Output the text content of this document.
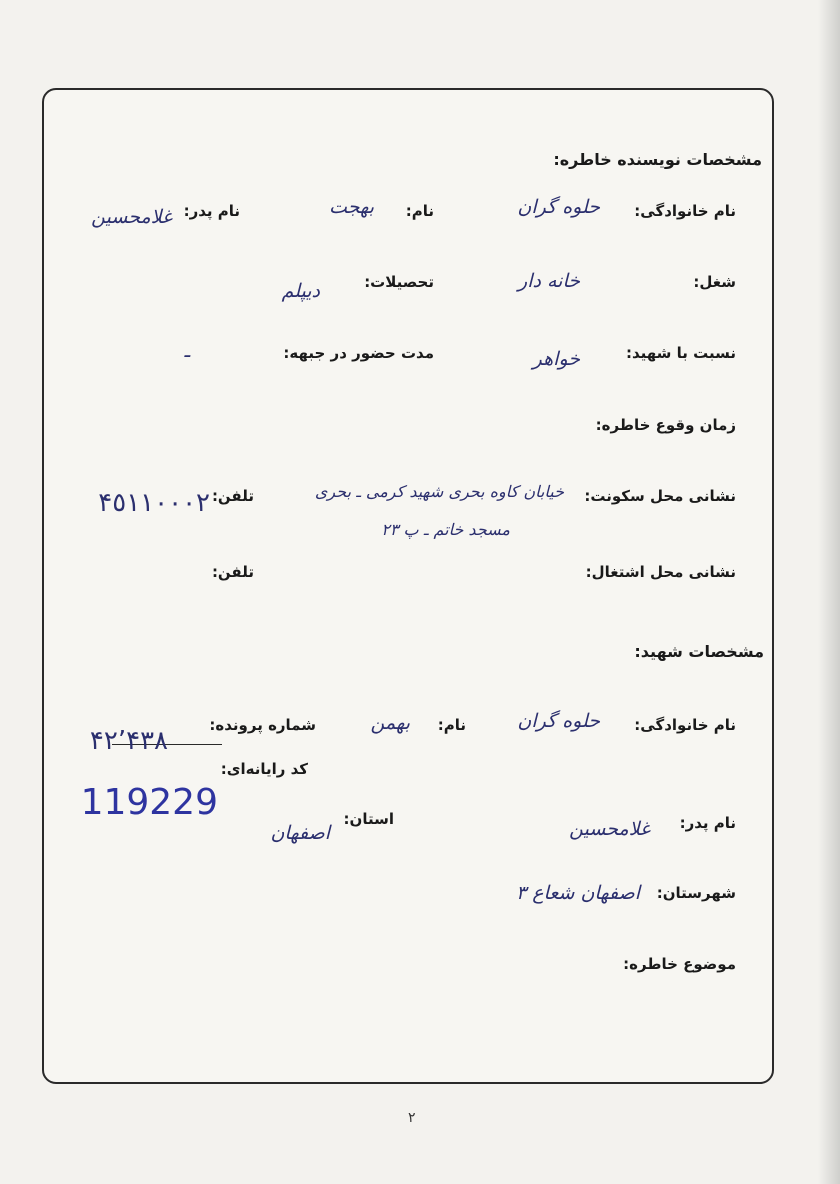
مشخصات نویسنده خاطره:
نام خانوادگی:
حلوه گران
نام:
بهجت
نام پدر:
غلامحسین
شغل:
خانه دار
تحصیلات:
دیپلم
نسبت با شهید:
خواهر
مدت حضور در جبهه:
ـ
زمان وقوع خاطره:
نشانی محل سکونت:
خیابان کاوه بحری شهید کرمی ـ بحری
مسجد خاتم ـ پ ۲۳
تلفن:
۴٥١١٠٠٠٢
نشانی محل اشتغال:
تلفن:
مشخصات شهید:
نام خانوادگی:
حلوه گران
نام:
بهمن
شماره پرونده:
۴۲٬۴۳۸
کد رایانه‌ای:
119229	نام پدر:
غلامحسین
استان:
اصفهان
شهرستان:
اصفهان شعاع ۳
موضوع خاطره:
۲
